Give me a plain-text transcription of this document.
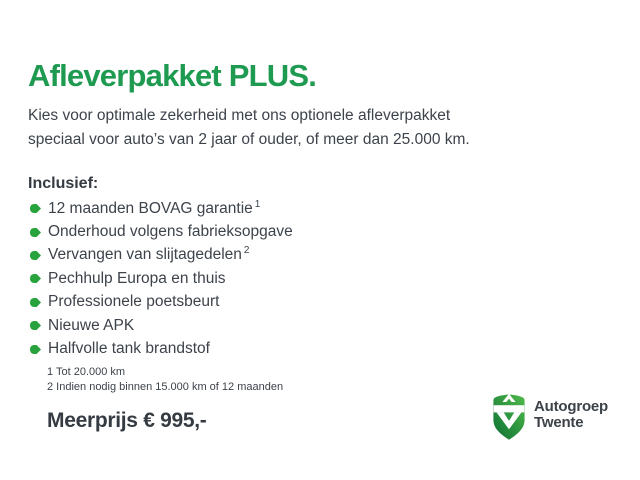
Afleverpakket PLUS.
Kies voor optimale zekerheid met ons optionele afleverpakket
speciaal voor auto’s van 2 jaar of ouder, of meer dan 25.000 km.
Inclusief:
12 maanden BOVAG garantie $^1$
Onderhoud volgens fabrieksopgave
Vervangen van slijtagedelen $^2$
Pechhulp Europa en thuis
Professionele poetsbeurt
Nieuwe APK
Halfvolle tank brandstof
1 Tot 20.000 km
2 Indien nodig binnen 15.000 km of 12 maanden
Meerprijs € 995,-
Autogroep
Twente
